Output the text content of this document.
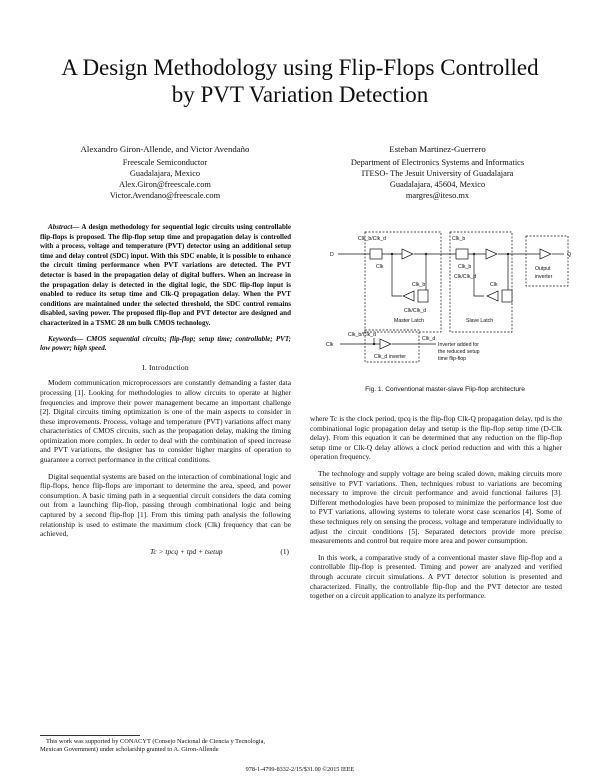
A Design Methodology using Flip-Flops Controlled
by PVT Variation Detection
Alexandro Giron-Allende, and Victor Avendaño
Freescale Semiconductor
Guadalajara, Mexico
Alex.Giron@freescale.com
Victor.Avendano@freescale.com
Esteban Martinez-Guerrero
Department of Electronics Systems and Informatics
ITESO- The Jesuit University of Guadalajara
Guadalajara, 45604, Mexico
margres@iteso.mx
Abstract— A design methodology for sequential logic circuits using controllable flip-flops is proposed. The flip-flop setup time and propagation delay is controlled with a process, voltage and temperature (PVT) detector using an additional setup time and delay control (SDC) input. With this SDC enable, it is possible to enhance the circuit timing performance when PVT variations are detected. The PVT detector is based in the propagation delay of digital buffers. When an increase in the propagation delay is detected in the digital logic, the SDC flip-flop input is enabled to reduce its setup time and Clk-Q propagation delay. When the PVT conditions are maintained under the selected threshold, the SDC control remains disabled, saving power. The proposed flip-flop and PVT detector are designed and characterized in a TSMC 28 nm bulk CMOS technology.
Keywords— CMOS sequential circuits; flip-flop; setup time; controllable; PVT; low power; high speed.
I. Introduction
Modern communication microprocessors are constantly demanding a faster data processing [1]. Looking for methodologies to allow circuits to operate at higher frequencies and improve their power management became an important challenge [2]. Digital circuits timing optimization is one of the main aspects to consider in these improvements. Process, voltage and temperature (PVT) variations affect many characteristics of CMOS circuits, such as the propagation delay, making the timing optimization more complex. In order to deal with the combination of speed increase and PVT variations, the designer has to consider higher margins of operation to guarantee a correct performance in the critical conditions.
Digital sequential systems are based on the interaction of combinational logic and flip-flops, hence flip-flops are important to determine the area, speed, and power consumption. A basic timing path in a sequential circuit considers the data coming out from a launching flip-flop, passing through combinational logic and being captured by a second flip-flop [1]. From this timing path analysis the following relationship is used to estimate the maximum clock (Clk) frequency that can be achieved,
Tc > tpcq + tpd + tsetup	(1)
D	Q
Clk
Clk_b/Clk_d	Clk_b
Clk	Clk_b
Clk_b	Clk
Clk/Clk_d
Clk/Clk_d
Master Latch	Slave Latch
Output
inverter
Clk_d inverter
Clk_b/Clk_d
Clk_d
Inverter added for
the reduced setup
time flip-flop
Fig. 1. Conventional master-slave Flip-flop architecture
where Tc is the clock period, tpcq is the flip-flop Clk-Q propagation delay, tpd is the combinational logic propagation delay and tsetup is the flip-flop setup time (D-Clk delay). From this equation it can be determined that any reduction on the flip-flop setup time or Clk-Q delay allows a clock period reduction and with this a higher operation frequency.
The technology and supply voltage are being scaled down, making circuits more sensitive to PVT variations. Then, techniques robust to variations are becoming necessary to improve the circuit performance and avoid functional failures [3]. Different methodologies have been proposed to minimize the performance lost due to PVT variations, allowing systems to tolerate worst case scenarios [4]. Some of these techniques rely on sensing the process, voltage and temperature individually to adjust the circuit conditions [5]. Separated detectors provide more precise measurements and control but require more area and power consumption.
In this work, a comparative study of a conventional master slave flip-flop and a controllable flip-flop is presented. Timing and power are analyzed and verified through accurate circuit simulations. A PVT detector solution is presented and characterized. Finally, the controllable flip-flop and the PVT detector are tested together on a circuit application to analyze its performance.
This work was supported by CONACYT (Consejo Nacional de Ciencia y Tecnologia, Mexican Government) under scholarship granted to A. Giron-Allende
978-1-4799-8332-2/15/$31.00 ©2015 IEEE
